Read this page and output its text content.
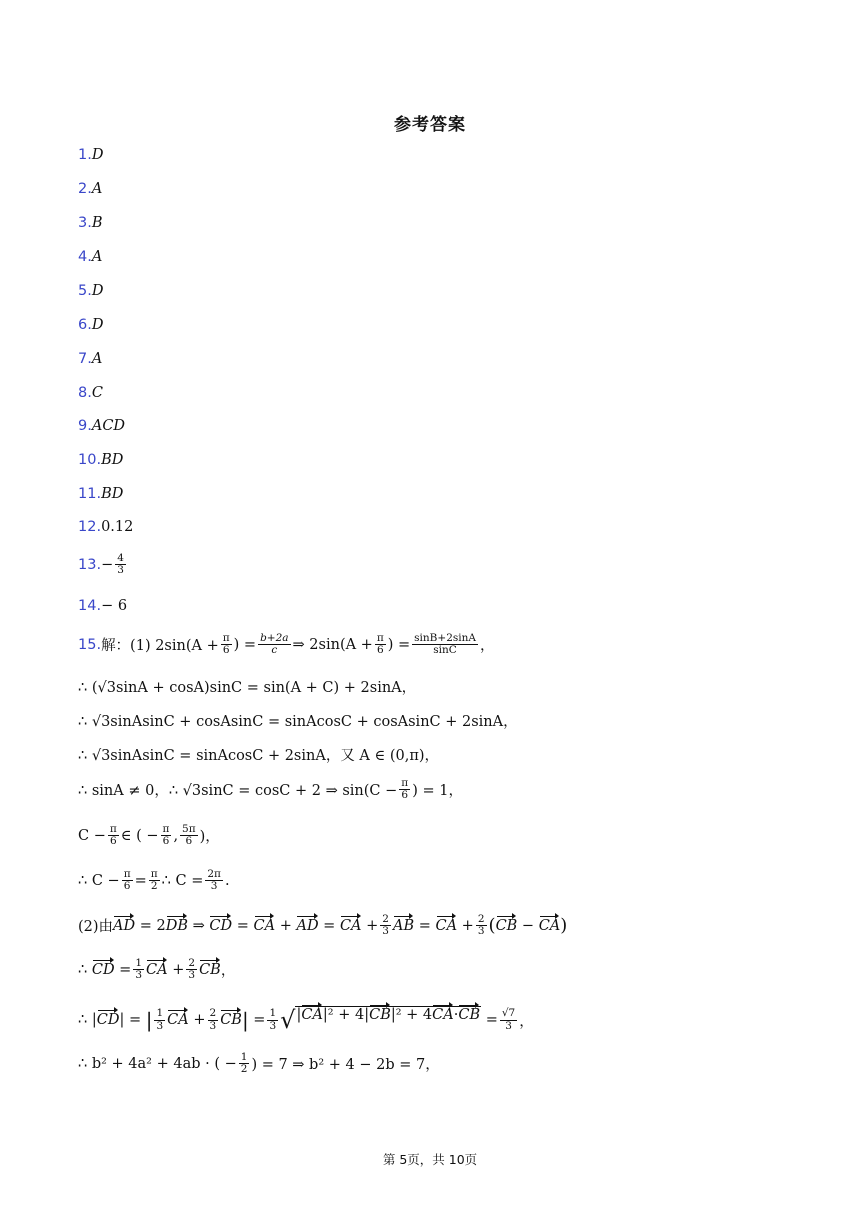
参考答案
1. D
2. A
3. B
4. A
5. D
6. D
7. A
8. C
9. ACD
10. BD
11. BD
12. 0.12
13. − $\frac{4}{3}$
14. − 6
15. 解：(1) $2\sin(A + \frac{\pi}{6}$ ) = $\frac{b+2a}{c}$ ⇒ $2\sin(A + \frac{\pi}{6}$ ) = $\frac{\sin B+2\sin A}{\sin C}$ ，
∴ (√3sinA + cosA)sinC = sin(A + C) + 2sinA，
∴ √3sinAsinC + cosAsinC = sinAcosC + cosAsinC + 2sinA，
∴ √3sinAsinC = sinAcosC + 2sinA，又 A ∈ (0,π)，
∴ sinA ≠ 0，∴ √3sinC = cosC + 2 ⇒ $\sin(C - \frac{\pi}{6}$ ) = 1，
$C - \frac{\pi}{6}$ ∈ ( − $\frac{\pi}{6}$ , $\frac{5\pi}{6}$ )，
∴ $C - \frac{\pi}{6} = \frac{\pi}{2}$ ∴ $C = \frac{2\pi}{3}$ .
(2)由 AD = 2 DB ⇒ CD = CA + AD = CA + $\frac{2}{3}$ AB = CA + $\frac{2}{3}$ ( CB − CA )
∴
CD = $\frac{1}{3}$ CA + $\frac{2}{3}$ CB ，
∴ | CD | = | $\frac{1}{3}$ CA + $\frac{2}{3}$ CB | = $\frac{1}{3}$ √ $|CA|^2 + 4|CB|^2 + 4CA\cdot CB = \frac{√7}{3}$ ，
∴ b² + 4a² + 4ab · ( − $\frac{1}{2}$ ) = 7 ⇒ b² + 4 − 2b = 7，
第 5页，共 10页
